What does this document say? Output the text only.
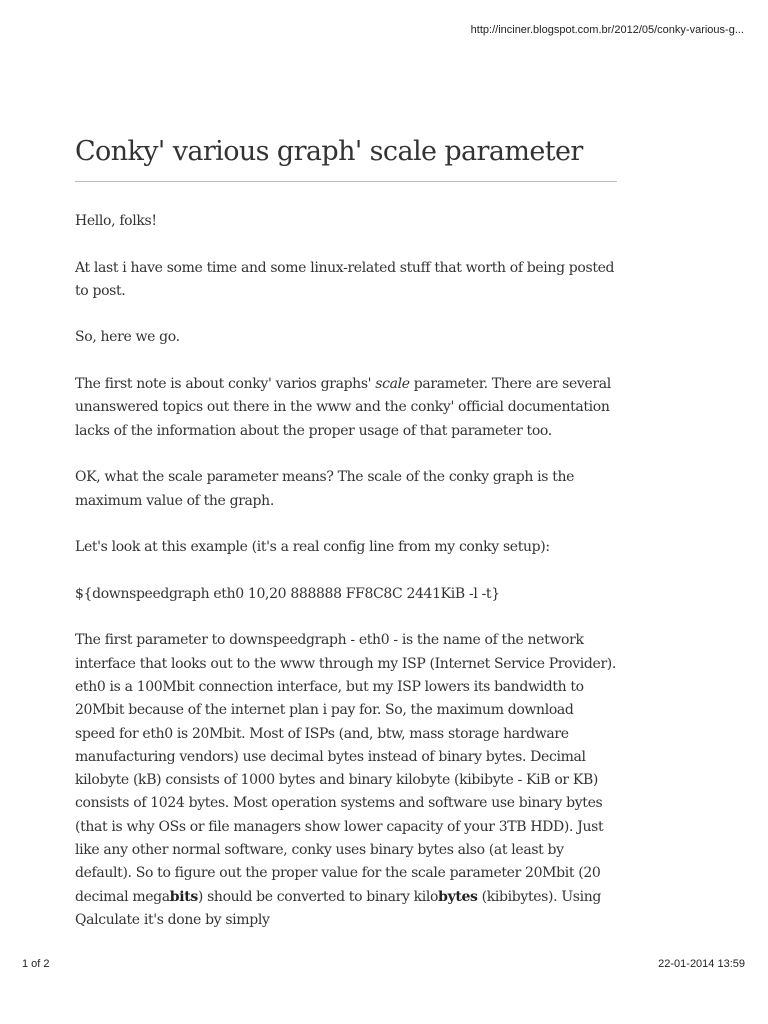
http://inciner.blogspot.com.br/2012/05/conky-various-g...
Conky' various graph' scale parameter

Hello, folks!

At last i have some time and some linux-related stuff that worth of being posted to post.

So, here we go.

The first note is about conky' varios graphs' scale parameter. There are several unanswered topics out there in the www and the conky' official documentation lacks of the information about the proper usage of that parameter too.

OK, what the scale parameter means? The scale of the conky graph is the maximum value of the graph.

Let's look at this example (it's a real config line from my conky setup):

${downspeedgraph eth0 10,20 888888 FF8C8C 2441KiB -l -t}

The first parameter to downspeedgraph - eth0 - is the name of the network interface that looks out to the www through my ISP (Internet Service Provider). eth0 is a 100Mbit connection interface, but my ISP lowers its bandwidth to 20Mbit because of the internet plan i pay for. So, the maximum download speed for eth0 is 20Mbit. Most of ISPs (and, btw, mass storage hardware manufacturing vendors) use decimal bytes instead of binary bytes. Decimal kilobyte (kB) consists of 1000 bytes and binary kilobyte (kibibyte - KiB or KB) consists of 1024 bytes. Most operation systems and software use binary bytes (that is why OSs or file managers show lower capacity of your 3TB HDD). Just like any other normal software, conky uses binary bytes also (at least by default). So to figure out the proper value for the scale parameter 20Mbit (20 decimal megabits) should be converted to binary kilobytes (kibibytes). Using Qalculate it's done by simply

1 of 2	22-01-2014 13:59
